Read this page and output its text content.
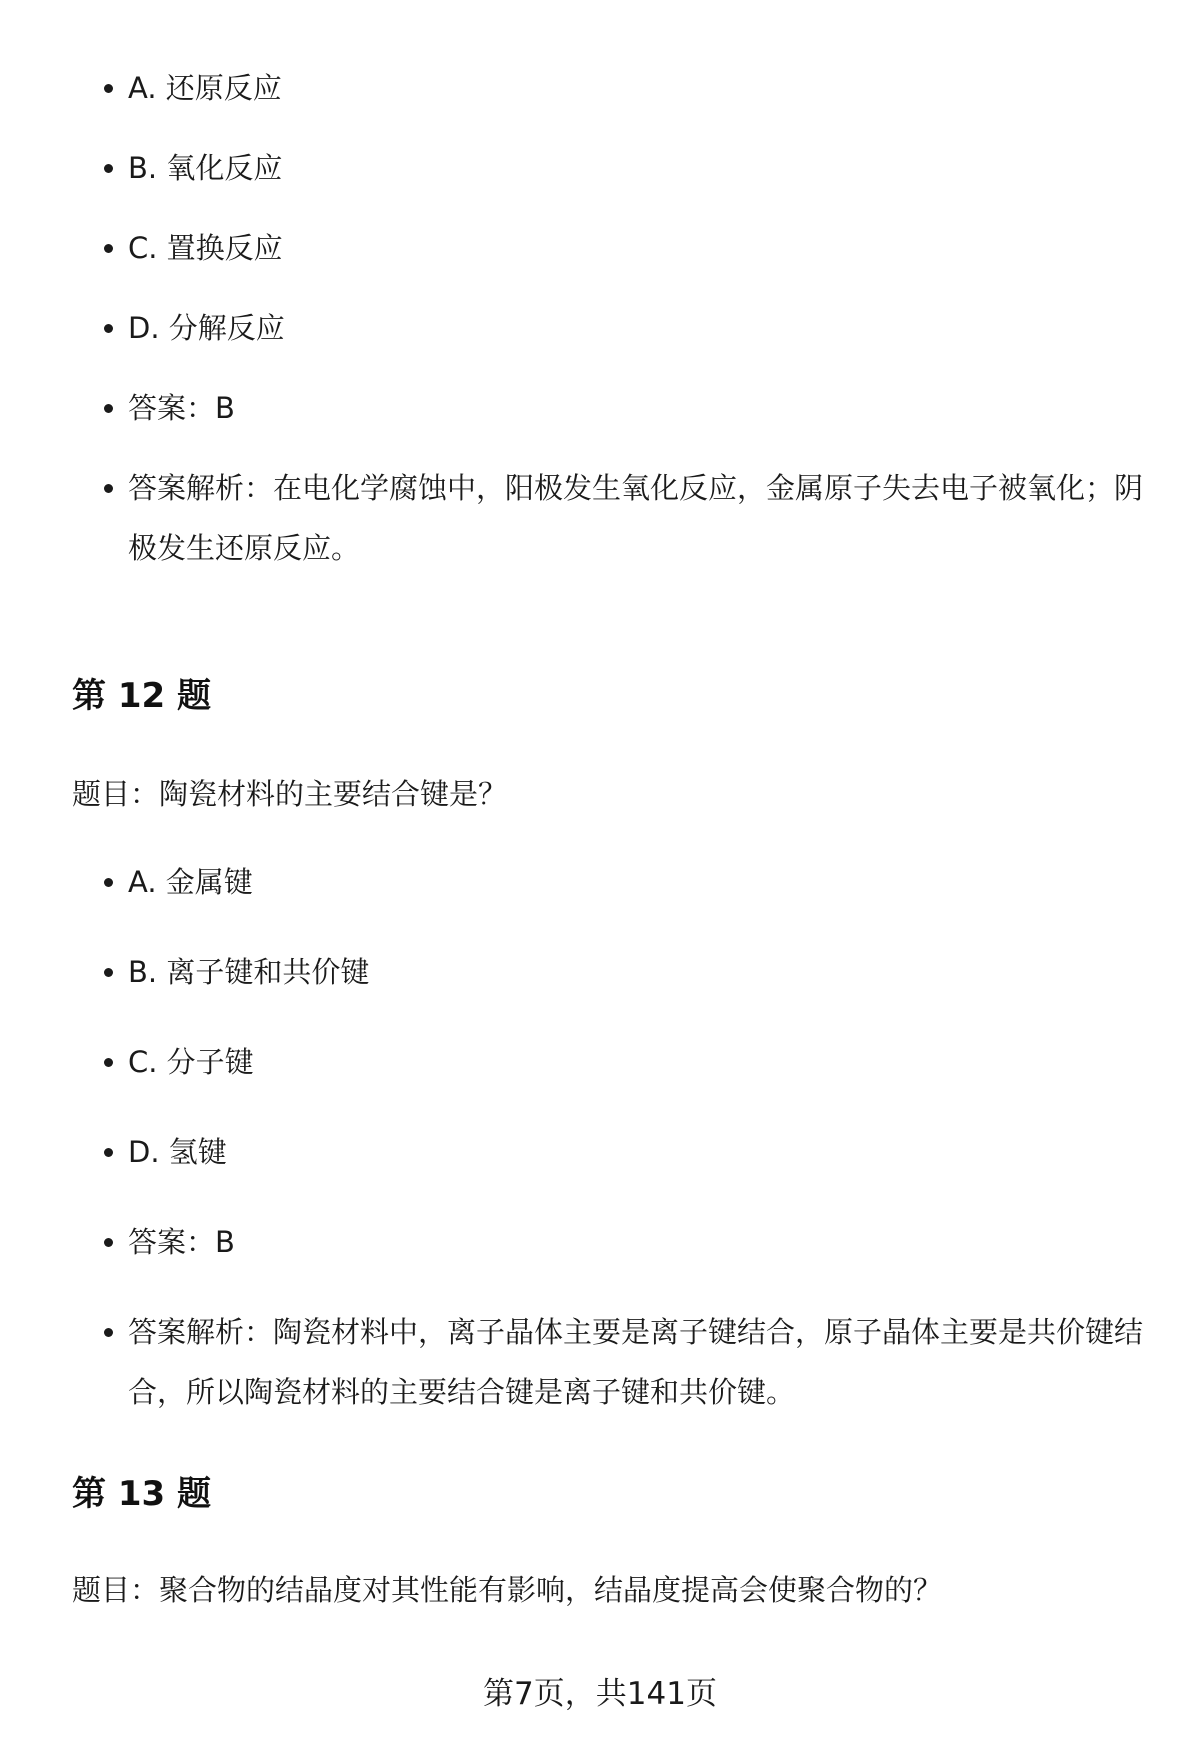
A. 还原反应
B. 氧化反应
C. 置换反应
D. 分解反应
答案：B
答案解析：在电化学腐蚀中，阳极发生氧化反应，金属原子失去电子被氧化；阴极发生还原反应。
第 12 题
题目：陶瓷材料的主要结合键是？
A. 金属键
B. 离子键和共价键
C. 分子键
D. 氢键
答案：B
答案解析：陶瓷材料中，离子晶体主要是离子键结合，原子晶体主要是共价键结合，所以陶瓷材料的主要结合键是离子键和共价键。
第 13 题
题目：聚合物的结晶度对其性能有影响，结晶度提高会使聚合物的？
第7页，共141页
